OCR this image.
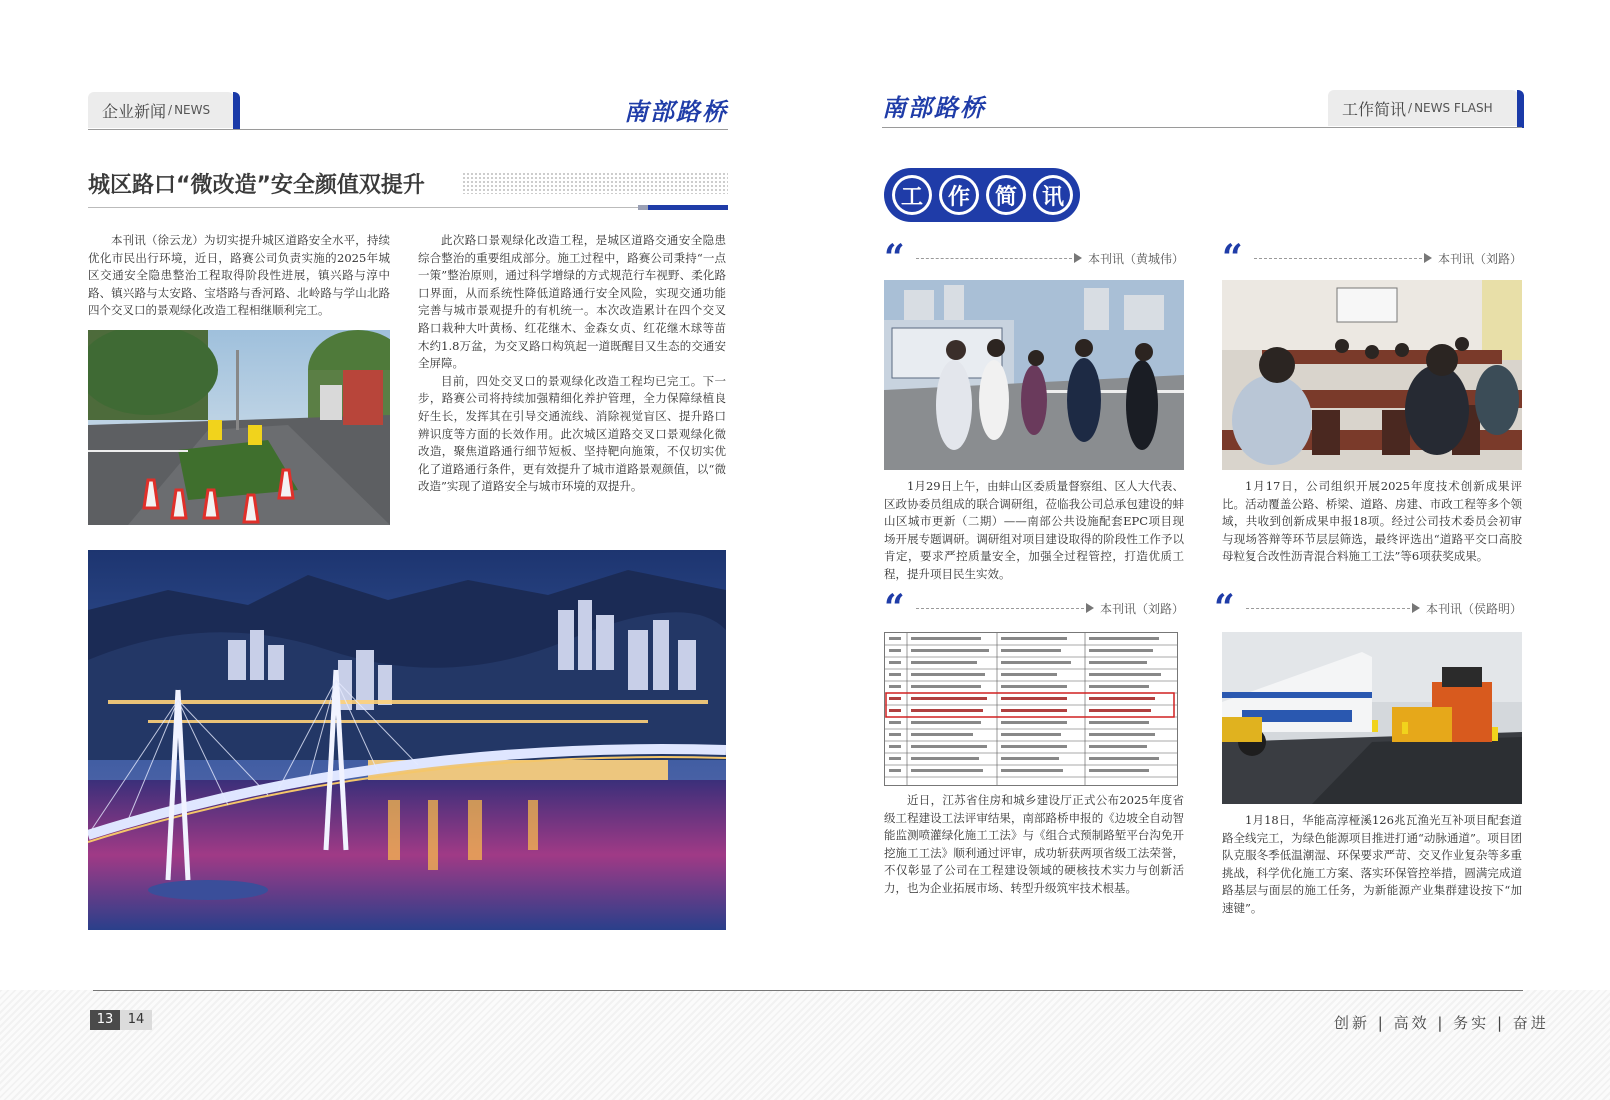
企业新闻 / NEWS	南部路桥
城区路口“微改造”安全颜值双提升

本刊讯（徐云龙）为切实提升城区道路安全水平，持续优化市民出行环境，近日，路赛公司负责实施的2025年城区交通安全隐患整治工程取得阶段性进展，镇兴路与淳中路、镇兴路与太安路、宝塔路与香河路、北岭路与学山北路四个交叉口的景观绿化改造工程相继顺利完工。

此次路口景观绿化改造工程，是城区道路交通安全隐患综合整治的重要组成部分。施工过程中，路赛公司秉持“一点一策”整治原则，通过科学增绿的方式规范行车视野、柔化路口界面，从而系统性降低道路通行安全风险，实现交通功能完善与城市景观提升的有机统一。本次改造累计在四个交叉路口栽种大叶黄杨、红花继木、金森女贞、红花继木球等苗木约1.8万盆，为交叉路口构筑起一道既醒目又生态的交通安全屏障。

目前，四处交叉口的景观绿化改造工程均已完工。下一步，路赛公司将持续加强精细化养护管理，全力保障绿植良好生长，发挥其在引导交通流线、消除视觉盲区、提升路口辨识度等方面的长效作用。此次城区道路交叉口景观绿化微改造，聚焦道路通行细节短板、坚持靶向施策，不仅切实优化了道路通行条件，更有效提升了城市道路景观颜值，以“微改造”实现了道路安全与城市环境的双提升。

南部路桥	工作简讯 / NEWS FLASH
工	作	简	讯
“	本刊讯（黄城伟）

1月29日上午，由蚌山区委质量督察组、区人大代表、区政协委员组成的联合调研组，莅临我公司总承包建设的蚌山区城市更新（二期）——南部公共设施配套EPC项目现场开展专题调研。调研组对项目建设取得的阶段性工作予以肯定，要求严控质量安全，加强全过程管控，打造优质工程，提升项目民生实效。

“	本刊讯（刘路）

1月17日，公司组织开展2025年度技术创新成果评比。活动覆盖公路、桥梁、道路、房建、市政工程等多个领域，共收到创新成果申报18项。经过公司技术委员会初审与现场答辩等环节层层筛选，最终评选出“道路平交口高胶母粒复合改性沥青混合料施工工法”等6项获奖成果。

“	本刊讯（刘路）

近日，江苏省住房和城乡建设厅正式公布2025年度省级工程建设工法评审结果，南部路桥申报的《边坡全自动智能监测喷灌绿化施工工法》与《组合式预制路堑平台沟免开挖施工工法》顺利通过评审，成功斩获两项省级工法荣誉，不仅彰显了公司在工程建设领域的硬核技术实力与创新活力，也为企业拓展市场、转型升级筑牢技术根基。

“	本刊讯（侯路明）

1月18日，华能高淳桠溪126兆瓦渔光互补项目配套道路全线完工，为绿色能源项目推进打通“动脉通道”。项目团队克服冬季低温潮湿、环保要求严苛、交叉作业复杂等多重挑战，科学优化施工方案、落实环保管控举措，圆满完成道路基层与面层的施工任务，为新能源产业集群建设按下“加速键”。

13	14	创新 | 高效 | 务实 | 奋进
